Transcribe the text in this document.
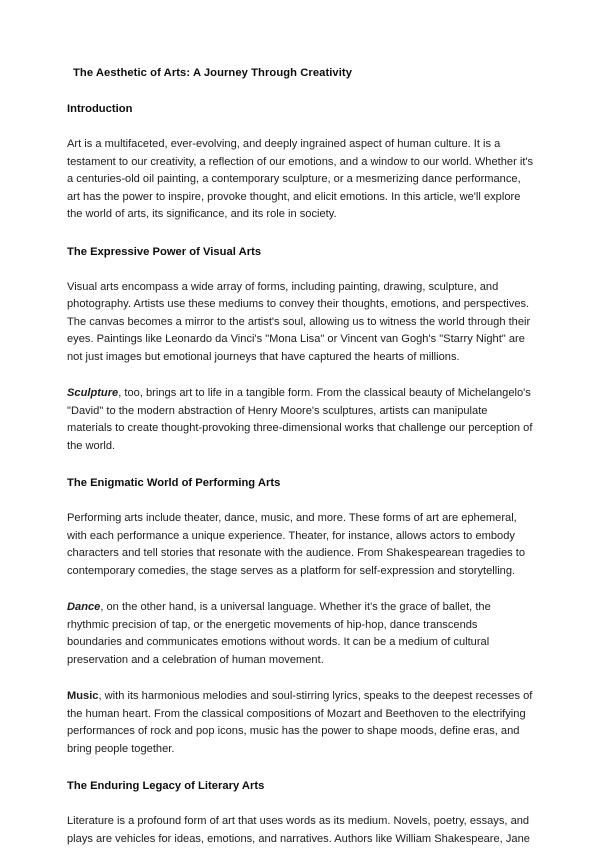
The Aesthetic of Arts: A Journey Through Creativity
Introduction

Art is a multifaceted, ever-evolving, and deeply ingrained aspect of human culture. It is a testament to our creativity, a reflection of our emotions, and a window to our world. Whether it's a centuries-old oil painting, a contemporary sculpture, or a mesmerizing dance performance, art has the power to inspire, provoke thought, and elicit emotions. In this article, we'll explore the world of arts, its significance, and its role in society.

The Expressive Power of Visual Arts

Visual arts encompass a wide array of forms, including painting, drawing, sculpture, and photography. Artists use these mediums to convey their thoughts, emotions, and perspectives. The canvas becomes a mirror to the artist's soul, allowing us to witness the world through their eyes. Paintings like Leonardo da Vinci's "Mona Lisa" or Vincent van Gogh's "Starry Night" are not just images but emotional journeys that have captured the hearts of millions.

Sculpture, too, brings art to life in a tangible form. From the classical beauty of Michelangelo's "David" to the modern abstraction of Henry Moore's sculptures, artists can manipulate materials to create thought-provoking three-dimensional works that challenge our perception of the world.

The Enigmatic World of Performing Arts

Performing arts include theater, dance, music, and more. These forms of art are ephemeral, with each performance a unique experience. Theater, for instance, allows actors to embody characters and tell stories that resonate with the audience. From Shakespearean tragedies to contemporary comedies, the stage serves as a platform for self-expression and storytelling.

Dance, on the other hand, is a universal language. Whether it's the grace of ballet, the rhythmic precision of tap, or the energetic movements of hip-hop, dance transcends boundaries and communicates emotions without words. It can be a medium of cultural preservation and a celebration of human movement.

Music, with its harmonious melodies and soul-stirring lyrics, speaks to the deepest recesses of the human heart. From the classical compositions of Mozart and Beethoven to the electrifying performances of rock and pop icons, music has the power to shape moods, define eras, and bring people together.

The Enduring Legacy of Literary Arts

Literature is a profound form of art that uses words as its medium. Novels, poetry, essays, and plays are vehicles for ideas, emotions, and narratives. Authors like William Shakespeare, Jane
